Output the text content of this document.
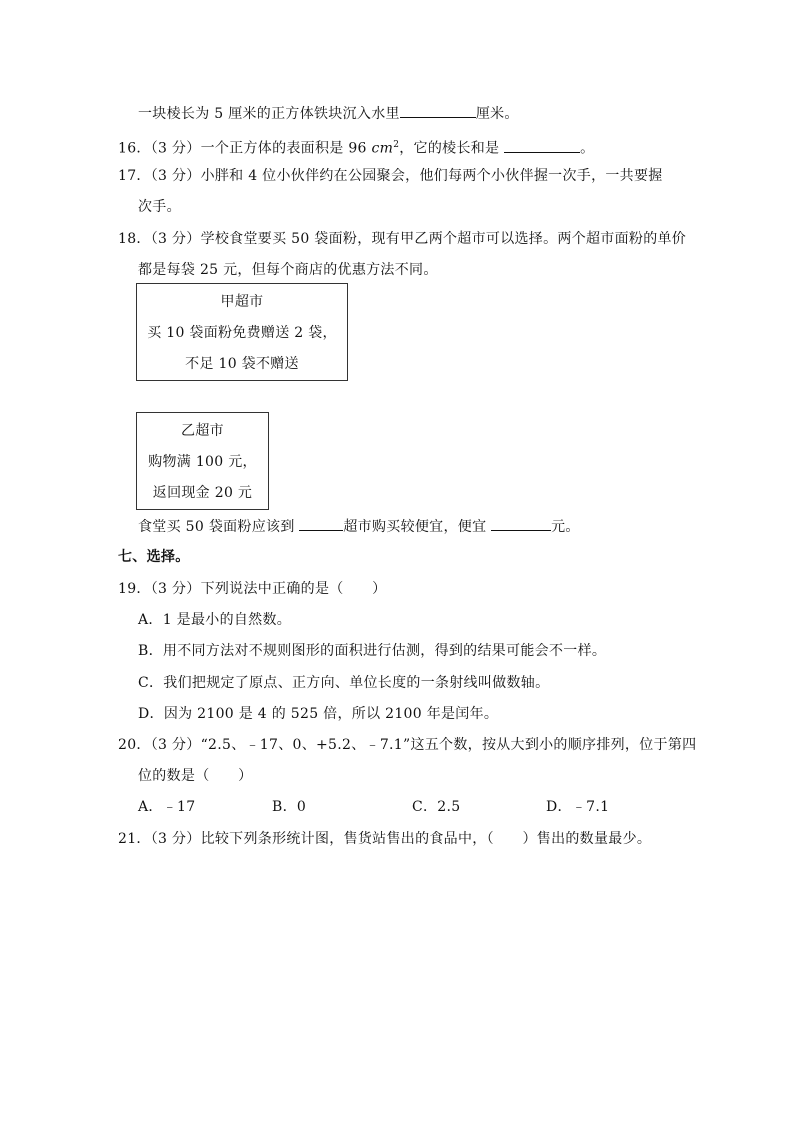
一块棱长为 5 厘米的正方体铁块沉入水里	厘米。
16．（3 分）一个正方体的表面积是 96 $cm^2$，它的棱长和是	。
17．（3 分）小胖和 4 位小伙伴约在公园聚会，他们每两个小伙伴握一次手，一共要握
次手。
18．（3 分）学校食堂要买 50 袋面粉，现有甲乙两个超市可以选择。两个超市面粉的单价
都是每袋 25 元，但每个商店的优惠方法不同。
甲超市
买 10 袋面粉免费赠送 2 袋，
不足 10 袋不赠送
乙超市
购物满 100 元，
返回现金 20 元
食堂买 50 袋面粉应该到	超市购买较便宜，便宜	元。
七、选择。
19．（3 分）下列说法中正确的是（　　）
A．1 是最小的自然数。
B．用不同方法对不规则图形的面积进行估测，得到的结果可能会不一样。
C．我们把规定了原点、正方向、单位长度的一条射线叫做数轴。
D．因为 2100 是 4 的 525 倍，所以 2100 年是闰年。
20．（3 分）“2.5、﹣17、0、+5.2、﹣7.1”这五个数，按从大到小的顺序排列，位于第四
位的数是（　　）
A．﹣17	B．0	C．2.5	D．﹣7.1
21．（3 分）比较下列条形统计图，售货站售出的食品中，（　　）售出的数量最少。
